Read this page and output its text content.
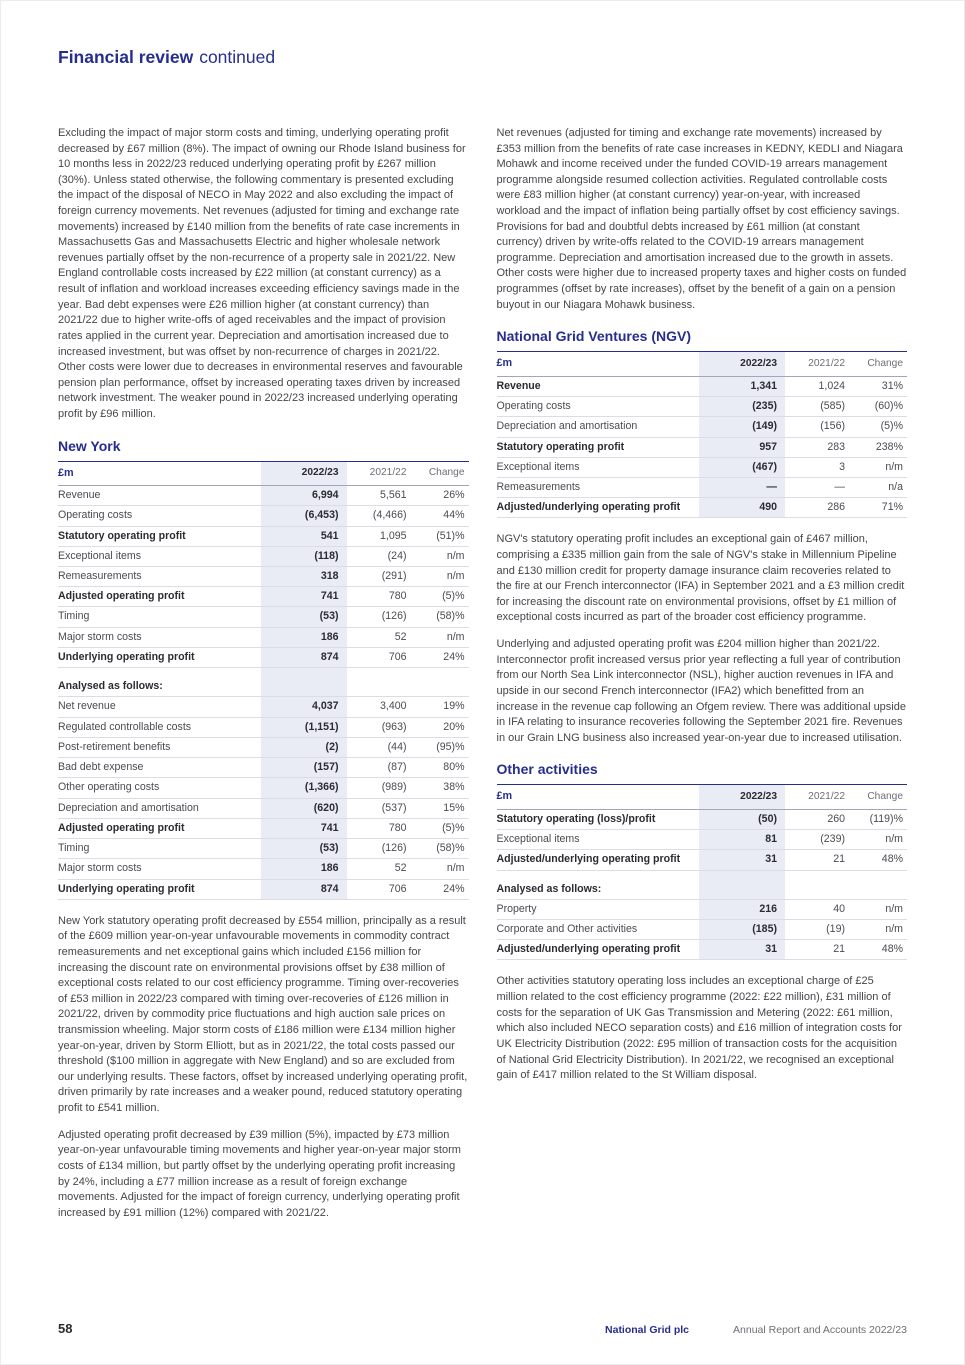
Financial review continued

Excluding the impact of major storm costs and timing, underlying operating profit decreased by £67 million (8%). The impact of owning our Rhode Island business for 10 months less in 2022/23 reduced underlying operating profit by £267 million (30%). Unless stated otherwise, the following commentary is presented excluding the impact of the disposal of NECO in May 2022 and also excluding the impact of foreign currency movements. Net revenues (adjusted for timing and exchange rate movements) increased by £140 million from the benefits of rate case increments in Massachusetts Gas and Massachusetts Electric and higher wholesale network revenues partially offset by the non-recurrence of a property sale in 2021/22. New England controllable costs increased by £22 million (at constant currency) as a result of inflation and workload increases exceeding efficiency savings made in the year. Bad debt expenses were £26 million higher (at constant currency) than 2021/22 due to higher write-offs of aged receivables and the impact of provision rates applied in the current year. Depreciation and amortisation increased due to increased investment, but was offset by non-recurrence of charges in 2021/22. Other costs were lower due to decreases in environmental reserves and favourable pension plan performance, offset by increased operating taxes driven by increased network investment. The weaker pound in 2022/23 increased underlying operating profit by £96 million.

New York
£m	2022/23	2021/22	Change
Revenue	6,994	5,561	26%
Operating costs	(6,453)	(4,466)	44%
Statutory operating profit	541	1,095	(51)%
Exceptional items	(118)	(24)	n/m
Remeasurements	318	(291)	n/m
Adjusted operating profit	741	780	(5)%
Timing	(53)	(126)	(58)%
Major storm costs	186	52	n/m
Underlying operating profit	874	706	24%

Analysed as follows:			
Net revenue	4,037	3,400	19%
Regulated controllable costs	(1,151)	(963)	20%
Post-retirement benefits	(2)	(44)	(95)%
Bad debt expense	(157)	(87)	80%
Other operating costs	(1,366)	(989)	38%
Depreciation and amortisation	(620)	(537)	15%
Adjusted operating profit	741	780	(5)%
Timing	(53)	(126)	(58)%
Major storm costs	186	52	n/m
Underlying operating profit	874	706	24%

New York statutory operating profit decreased by £554 million, principally as a result of the £609 million year-on-year unfavourable movements in commodity contract remeasurements and net exceptional gains which included £156 million for increasing the discount rate on environmental provisions offset by £38 million of exceptional costs related to our cost efficiency programme. Timing over-recoveries of £53 million in 2022/23 compared with timing over-recoveries of £126 million in 2021/22, driven by commodity price fluctuations and high auction sale prices on transmission wheeling. Major storm costs of £186 million were £134 million higher year-on-year, driven by Storm Elliott, but as in 2021/22, the total costs passed our threshold ($100 million in aggregate with New England) and so are excluded from our underlying results. These factors, offset by increased underlying operating profit, driven primarily by rate increases and a weaker pound, reduced statutory operating profit to £541 million.

Adjusted operating profit decreased by £39 million (5%), impacted by £73 million year-on-year unfavourable timing movements and higher year-on-year major storm costs of £134 million, but partly offset by the underlying operating profit increasing by 24%, including a £77 million increase as a result of foreign exchange movements. Adjusted for the impact of foreign currency, underlying operating profit increased by £91 million (12%) compared with 2021/22.

Net revenues (adjusted for timing and exchange rate movements) increased by £353 million from the benefits of rate case increases in KEDNY, KEDLI and Niagara Mohawk and income received under the funded COVID-19 arrears management programme alongside resumed collection activities. Regulated controllable costs were £83 million higher (at constant currency) year-on-year, with increased workload and the impact of inflation being partially offset by cost efficiency savings. Provisions for bad and doubtful debts increased by £61 million (at constant currency) driven by write-offs related to the COVID-19 arrears management programme. Depreciation and amortisation increased due to the growth in assets. Other costs were higher due to increased property taxes and higher costs on funded programmes (offset by rate increases), offset by the benefit of a gain on a pension buyout in our Niagara Mohawk business.

National Grid Ventures (NGV)
£m	2022/23	2021/22	Change
Revenue	1,341	1,024	31%
Operating costs	(235)	(585)	(60)%
Depreciation and amortisation	(149)	(156)	(5)%
Statutory operating profit	957	283	238%
Exceptional items	(467)	3	n/m
Remeasurements	—	—	n/a
Adjusted/underlying operating profit	490	286	71%

NGV's statutory operating profit includes an exceptional gain of £467 million, comprising a £335 million gain from the sale of NGV's stake in Millennium Pipeline and £130 million credit for property damage insurance claim recoveries related to the fire at our French interconnector (IFA) in September 2021 and a £3 million credit for increasing the discount rate on environmental provisions, offset by £1 million of exceptional costs incurred as part of the broader cost efficiency programme.

Underlying and adjusted operating profit was £204 million higher than 2021/22. Interconnector profit increased versus prior year reflecting a full year of contribution from our North Sea Link interconnector (NSL), higher auction revenues in IFA and upside in our second French interconnector (IFA2) which benefitted from an increase in the revenue cap following an Ofgem review. There was additional upside in IFA relating to insurance recoveries following the September 2021 fire. Revenues in our Grain LNG business also increased year-on-year due to increased utilisation.

Other activities
£m	2022/23	2021/22	Change
Statutory operating (loss)/profit	(50)	260	(119)%
Exceptional items	81	(239)	n/m
Adjusted/underlying operating profit	31	21	48%

Analysed as follows:			
Property	216	40	n/m
Corporate and Other activities	(185)	(19)	n/m
Adjusted/underlying operating profit	31	21	48%

Other activities statutory operating loss includes an exceptional charge of £25 million related to the cost efficiency programme (2022: £22 million), £31 million of costs for the separation of UK Gas Transmission and Metering (2022: £61 million, which also included NECO separation costs) and £16 million of integration costs for UK Electricity Distribution (2022: £95 million of transaction costs for the acquisition of National Grid Electricity Distribution). In 2021/22, we recognised an exceptional gain of £417 million related to the St William disposal.

58	National Grid plc	Annual Report and Accounts 2022/23
